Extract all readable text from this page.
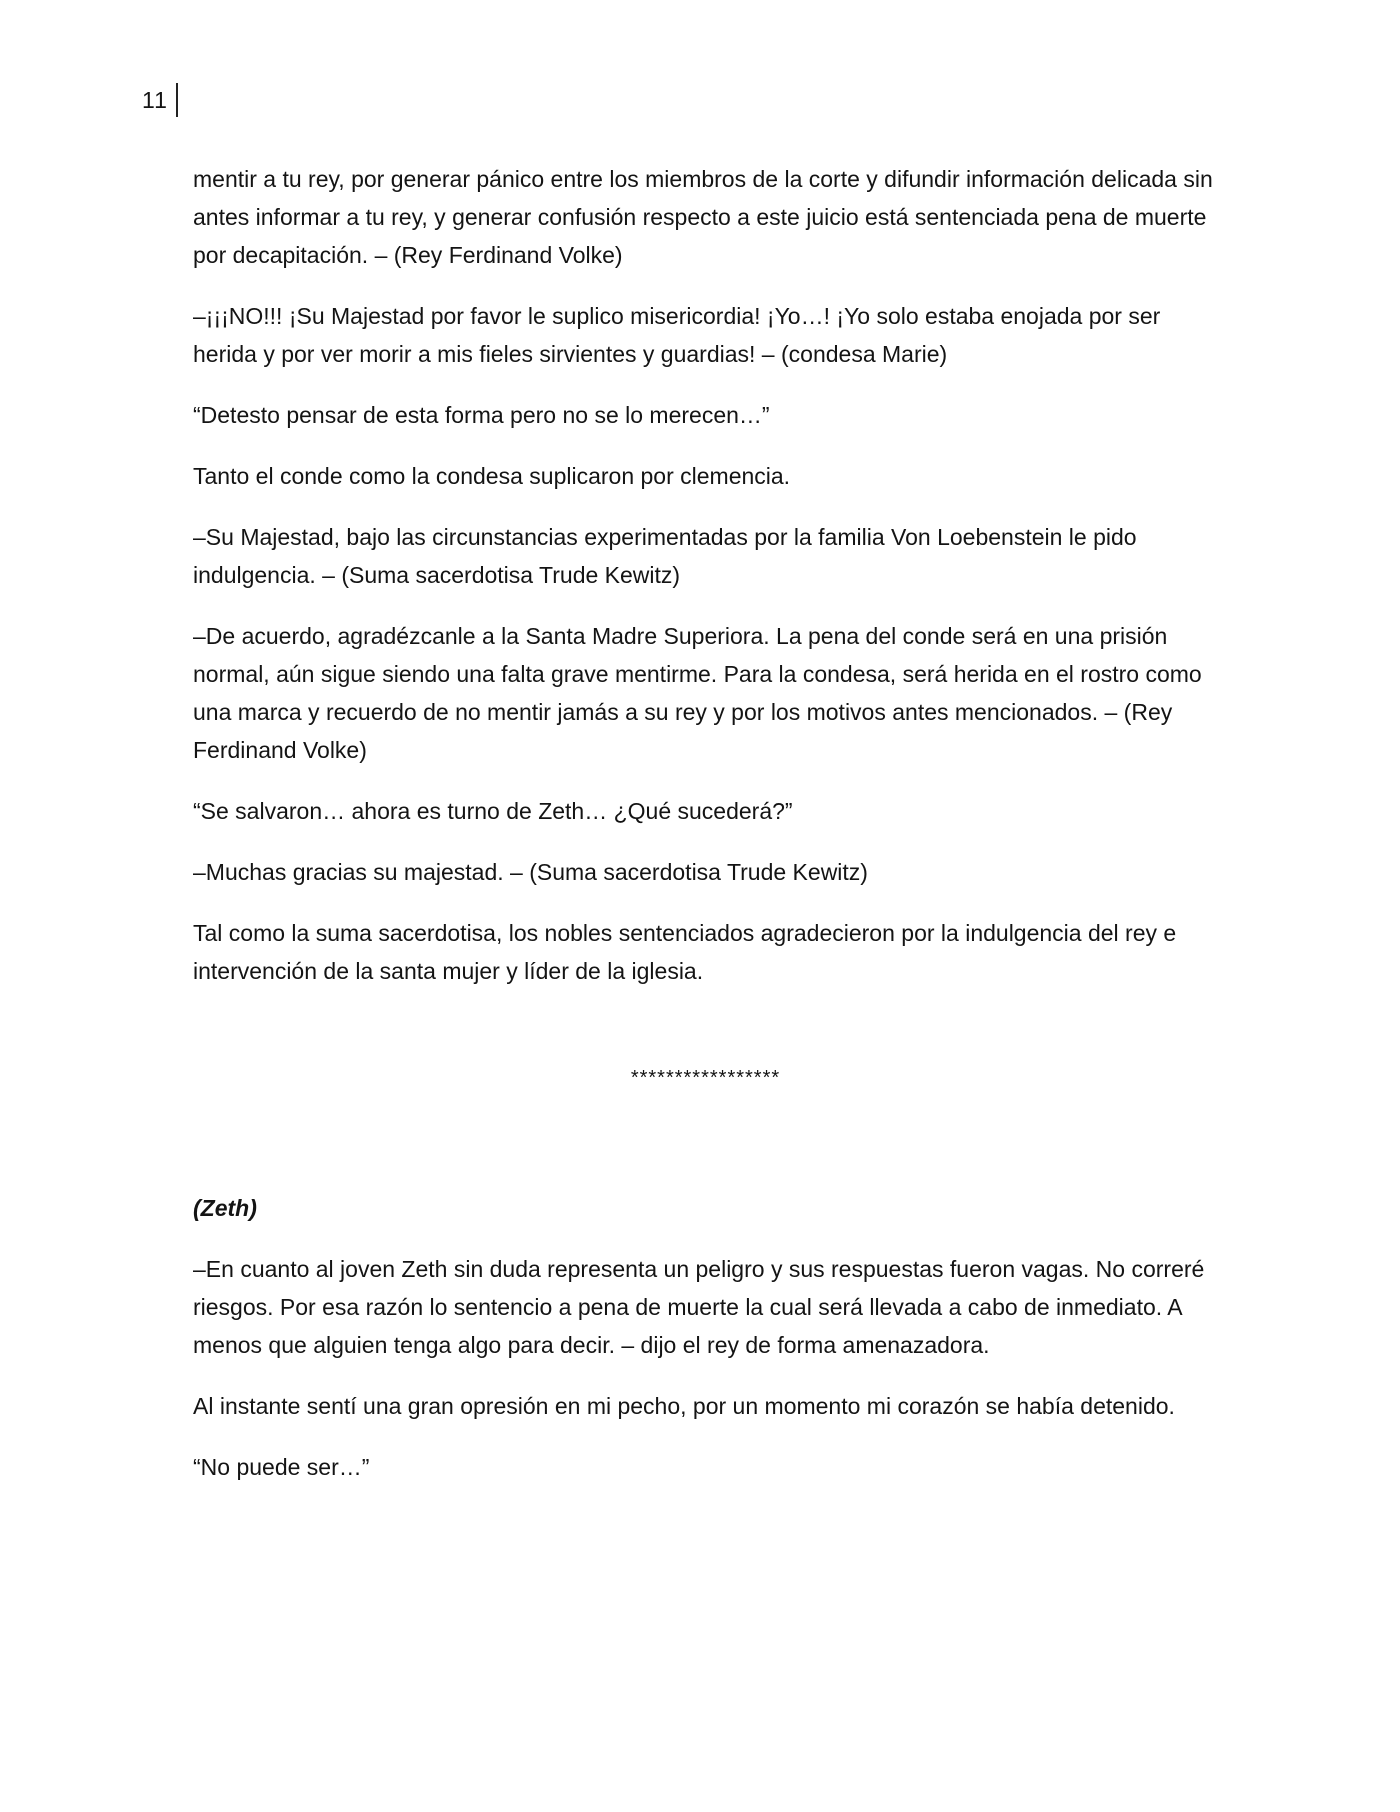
11

mentir a tu rey, por generar pánico entre los miembros de la corte y difundir información delicada sin antes informar a tu rey, y generar confusión respecto a este juicio está sentenciada pena de muerte por decapitación. – (Rey Ferdinand Volke)

–¡¡¡NO!!! ¡Su Majestad por favor le suplico misericordia! ¡Yo…! ¡Yo solo estaba enojada por ser herida y por ver morir a mis fieles sirvientes y guardias! – (condesa Marie)

“Detesto pensar de esta forma pero no se lo merecen…”

Tanto el conde como la condesa suplicaron por clemencia.

–Su Majestad, bajo las circunstancias experimentadas por la familia Von Loebenstein le pido indulgencia. – (Suma sacerdotisa Trude Kewitz)

–De acuerdo, agradézcanle a la Santa Madre Superiora. La pena del conde será en una prisión normal, aún sigue siendo una falta grave mentirme. Para la condesa, será herida en el rostro como una marca y recuerdo de no mentir jamás a su rey y por los motivos antes mencionados. – (Rey Ferdinand Volke)

“Se salvaron… ahora es turno de Zeth… ¿Qué sucederá?”

–Muchas gracias su majestad. – (Suma sacerdotisa Trude Kewitz)

Tal como la suma sacerdotisa, los nobles sentenciados agradecieron por la indulgencia del rey e intervención de la santa mujer y líder de la iglesia.

*****************

(Zeth)

–En cuanto al joven Zeth sin duda representa un peligro y sus respuestas fueron vagas. No correré riesgos. Por esa razón lo sentencio a pena de muerte la cual será llevada a cabo de inmediato. A menos que alguien tenga algo para decir. – dijo el rey de forma amenazadora.

Al instante sentí una gran opresión en mi pecho, por un momento mi corazón se había detenido.

“No puede ser…”
